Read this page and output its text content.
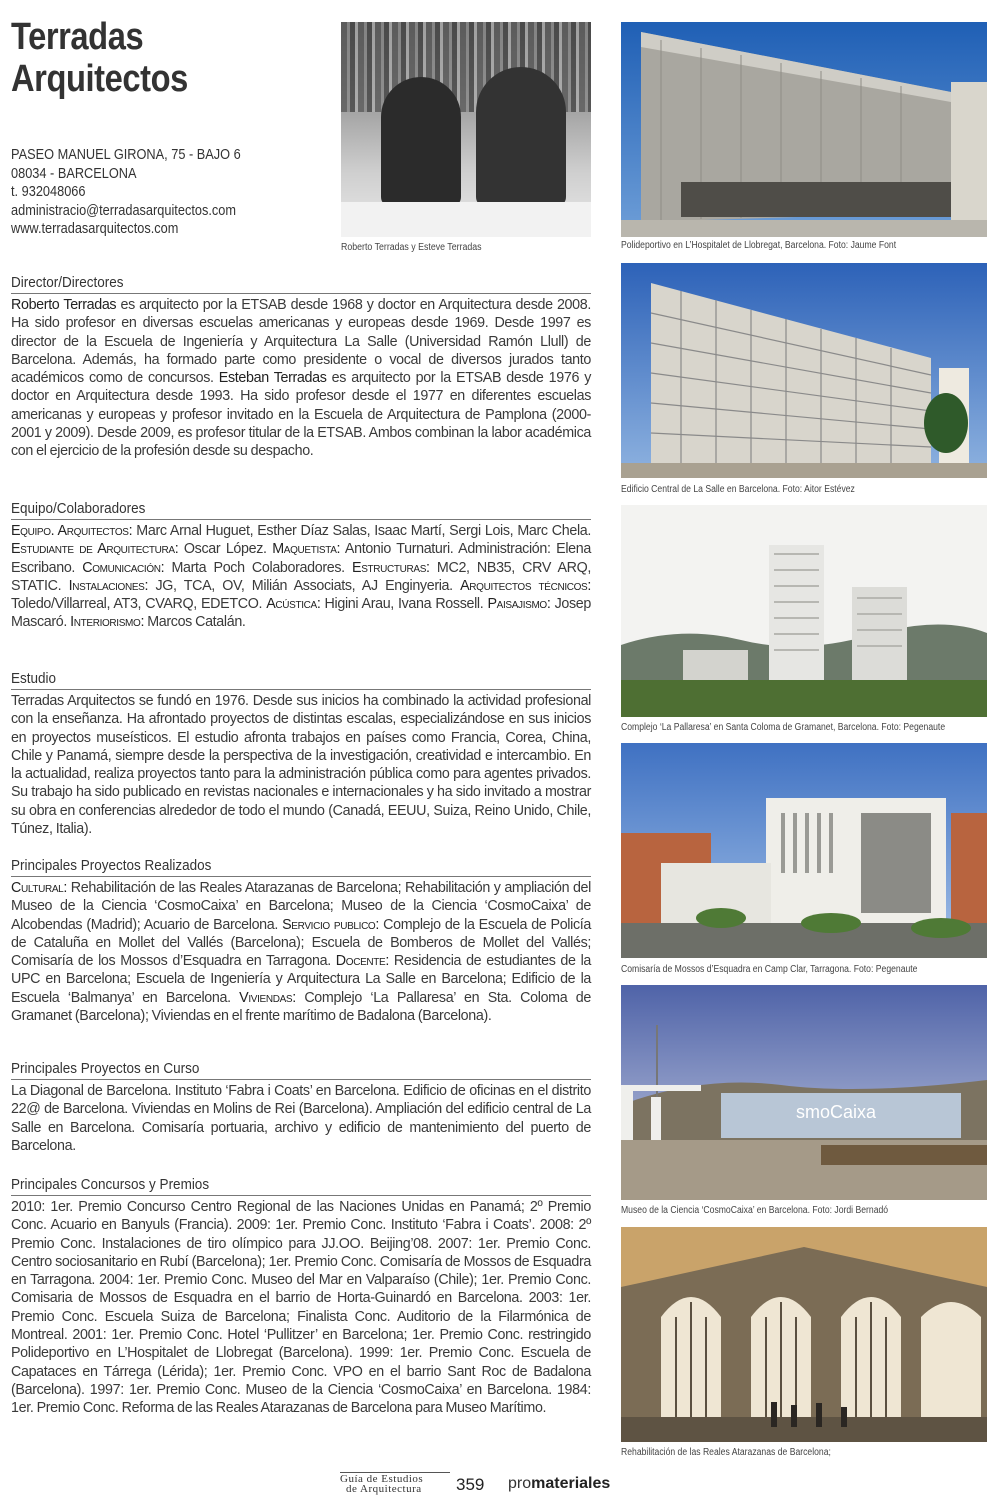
Terradas
Arquitectos
PASEO MANUEL GIRONA, 75 - BAJO 6
08034 - BARCELONA
t. 932048066
administracio@terradasarquitectos.com
www.terradasarquitectos.com
Roberto Terradas y Esteve Terradas
Director/Directores

Roberto Terradas es arquitecto por la ETSAB desde 1968 y doctor en Arquitectura desde 2008. Ha sido profesor en diversas escuelas americanas y europeas desde 1969. Desde 1997 es director de la Escuela de Ingeniería y Arquitectura La Salle (Universidad Ramón Llull) de Barcelona. Además, ha formado parte como presidente o vocal de diversos jurados tanto académicos como de concursos. Esteban Terradas es arquitecto por la ETSAB desde 1976 y doctor en Arquitectura desde 1993. Ha sido profesor desde el 1977 en diferentes escuelas americanas y europeas y profesor invitado en la Escuela de Arquitectura de Pamplona (2000-2001 y 2009). Desde 2009, es profesor titular de la ETSAB. Ambos combinan la labor académica con el ejercicio de la profesión desde su despacho.

Equipo/Colaboradores

Equipo. Arquitectos: Marc Arnal Huguet, Esther Díaz Salas, Isaac Martí, Sergi Lois, Marc Chela. Estudiante de Arquitectura: Oscar López. Maquetista: Antonio Turnaturi. Administración: Elena Escribano. Comunicación: Marta Poch Colaboradores. Estructuras: MC2, NB35, CRV ARQ, STATIC. Instalaciones: JG, TCA, OV, Milián Associats, AJ Enginyeria. Arquitectos técnicos: Toledo/Villarreal, AT3, CVARQ, EDETCO. Acústica: Higini Arau, Ivana Rossell. Paisajismo: Josep Mascaró. Interiorismo: Marcos Catalán.

Estudio

Terradas Arquitectos se fundó en 1976. Desde sus inicios ha combinado la actividad profesional con la enseñanza. Ha afrontado proyectos de distintas escalas, especializándose en sus inicios en proyectos museísticos. El estudio afronta trabajos en países como Francia, Corea, China, Chile y Panamá, siempre desde la perspectiva de la investigación, creatividad e intercambio. En la actualidad, realiza proyectos tanto para la administración pública como para agentes privados. Su trabajo ha sido publicado en revistas nacionales e internacionales y ha sido invitado a mostrar su obra en conferencias alrededor de todo el mundo (Canadá, EEUU, Suiza, Reino Unido, Chile, Túnez, Italia).

Principales Proyectos Realizados

Cultural: Rehabilitación de las Reales Atarazanas de Barcelona; Rehabilitación y ampliación del Museo de la Ciencia ‘CosmoCaixa’ en Barcelona; Museo de la Ciencia ‘CosmoCaixa’ de Alcobendas (Madrid); Acuario de Barcelona. Servicio publico: Complejo de la Escuela de Policía de Cataluña en Mollet del Vallés (Barcelona); Escuela de Bomberos de Mollet del Vallés; Comisaría de los Mossos d’Esquadra en Tarragona. Docente: Residencia de estudiantes de la UPC en Barcelona; Escuela de Ingeniería y Arquitectura La Salle en Barcelona; Edificio de la Escuela ‘Balmanya’ en Barcelona. Viviendas: Complejo ‘La Pallaresa’ en Sta. Coloma de Gramanet (Barcelona); Viviendas en el frente marítimo de Badalona (Barcelona).

Principales Proyectos en Curso

La Diagonal de Barcelona. Instituto ‘Fabra i Coats’ en Barcelona. Edificio de oficinas en el distrito 22@ de Barcelona. Viviendas en Molins de Rei (Barcelona). Ampliación del edificio central de La Salle en Barcelona. Comisaría portuaria, archivo y edificio de mantenimiento del puerto de Barcelona.

Principales Concursos y Premios

2010: 1er. Premio Concurso Centro Regional de las Naciones Unidas en Panamá; 2º Premio Conc. Acuario en Banyuls (Francia). 2009: 1er. Premio Conc. Instituto ‘Fabra i Coats’. 2008: 2º Premio Conc. Instalaciones de tiro olímpico para JJ.OO. Beijing’08. 2007: 1er. Premio Conc. Centro sociosanitario en Rubí (Barcelona); 1er. Premio Conc. Comisaría de Mossos de Esquadra en Tarragona. 2004: 1er. Premio Conc. Museo del Mar en Valparaíso (Chile); 1er. Premio Conc. Comisaria de Mossos de Esquadra en el barrio de Horta-Guinardó en Barcelona. 2003: 1er. Premio Conc. Escuela Suiza de Barcelona; Finalista Conc. Auditorio de la Filarmónica de Montreal. 2001: 1er. Premio Conc. Hotel ‘Pullitzer’ en Barcelona; 1er. Premio Conc. restringido Polideportivo en L’Hospitalet de Llobregat (Barcelona). 1999: 1er. Premio Conc. Escuela de Capataces en Tárrega (Lérida); 1er. Premio Conc. VPO en el barrio Sant Roc de Badalona (Barcelona). 1997: 1er. Premio Conc. Museo de la Ciencia ‘CosmoCaixa’ en Barcelona. 1984: 1er. Premio Conc. Reforma de las Reales Atarazanas de Barcelona para Museo Marítimo.

Polideportivo en L’Hospitalet de Llobregat, Barcelona. Foto: Jaume Font
Edificio Central de La Salle en Barcelona. Foto: Aitor Estévez
Complejo ‘La Pallaresa’ en Santa Coloma de Gramanet, Barcelona. Foto: Pegenaute
Comisaría de Mossos d’Esquadra en Camp Clar, Tarragona. Foto: Pegenaute
smoCaixa
Museo de la Ciencia ‘CosmoCaixa’ en Barcelona. Foto: Jordi Bernadó
Rehabilitación de las Reales Atarazanas de Barcelona;
Guía de Estudios
de Arquitectura 359 promateriales
